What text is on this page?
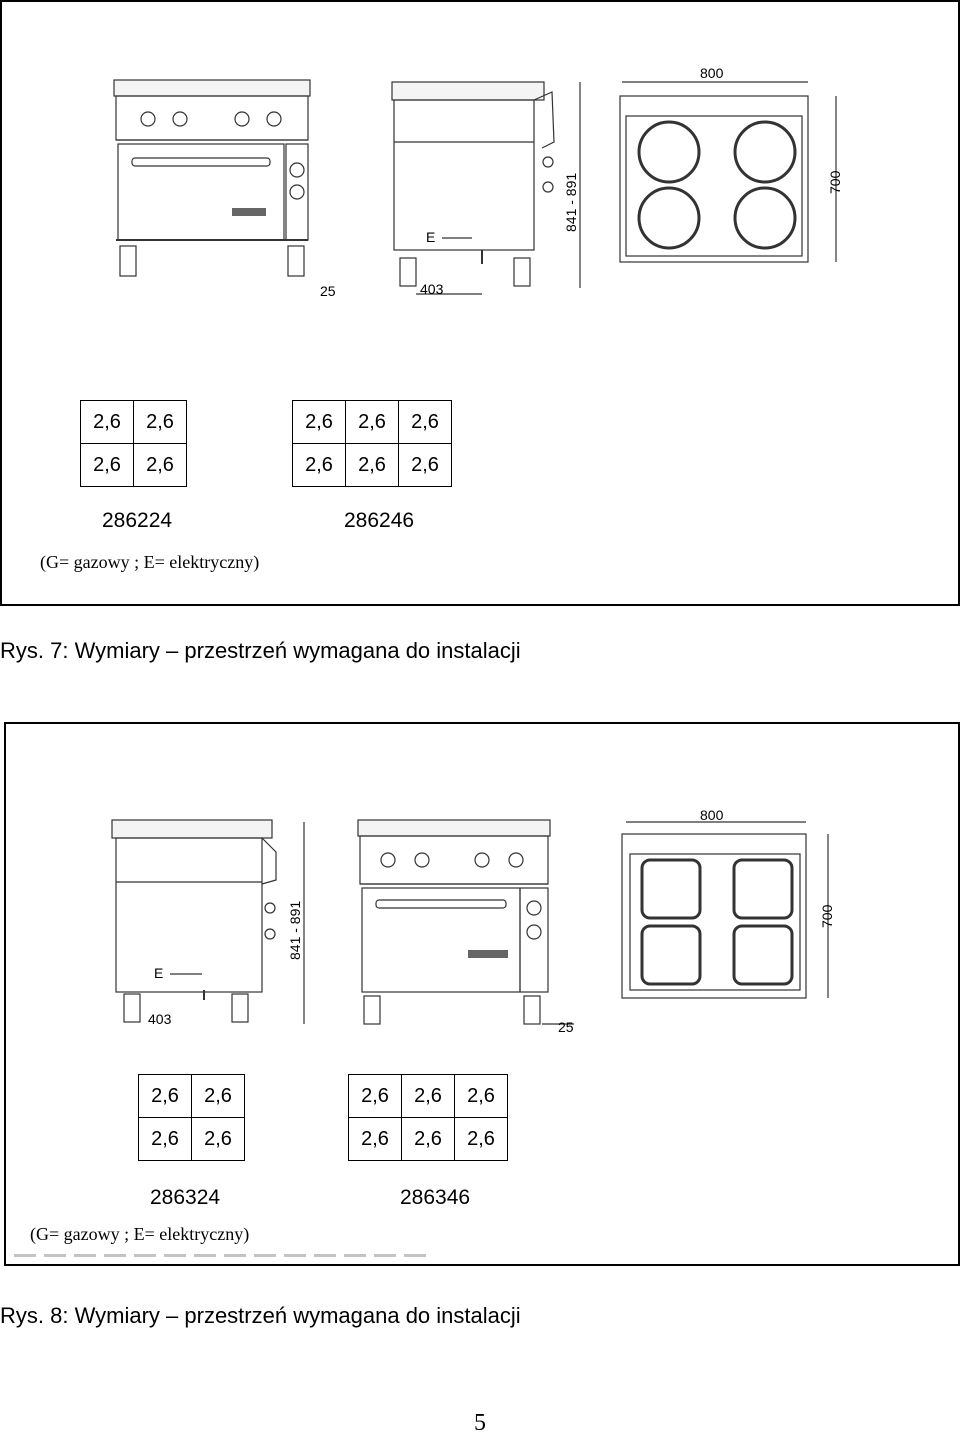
E
403
841 - 891
25
800
700
2,6	2,6
2,6	2,6
2,6	2,6	2,6
2,6	2,6	2,6
286224	286246
(G= gazowy ; E= elektryczny)
Rys. 7: Wymiary – przestrzeń wymagana do instalacji
E
403
841 - 891
25
800
700
2,6	2,6
2,6	2,6
2,6	2,6	2,6
2,6	2,6	2,6
286324	286346
(G= gazowy ; E= elektryczny)
Rys. 8: Wymiary – przestrzeń wymagana do instalacji
5
